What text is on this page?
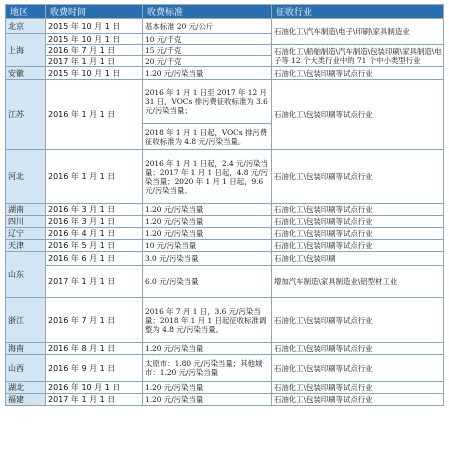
地区	收费时间	收费标准	征收行业
北京	2015 年 10 月 1 日	基本标准 20 元/公斤	石油化工\汽车制造\电子\印刷\家具制造业
上海	2015 年 10 月 1 日	10 元/千克	
	2016 年 7 月 1 日	15 元/千克	石油化工\船舶制造\汽车制造\包装印刷\家具制造\电子等 12 个大类行业中的 71 个中小类型行业
	2017 年 1 月 1 日	20 元/千克	
安徽	2015 年 10 月 1 日	1.20 元/污染当量	石油化工\包装印刷等试点行业
江苏	2016 年 1 月 1 日	2016 年 1 月 1 日至 2017 年 12 月 31 日，VOCs 排污费征收标准为 3.6 元/污染当量；	石油化工\包装印刷等试点行业
		2018 年 1 月 1 日起，VOCs 排污费征收标准为 4.8 元/污染当量。	
河北	2016 年 1 月 1 日	2016 年 1 月 1 日起，2.4 元/污染当量；2017 年 1 月 1 日起，4.8 元/污染当量；2020 年 1 月 1 日起，9.6 元/污染当量。	石油化工\包装印刷等试点行业
湖南	2016 年 3 月 1 日	1.20 元/污染当量	石油化工\包装印刷等试点行业
四川	2016 年 3 月 1 日	1.20 元/污染当量	石油化工\包装印刷等试点行业
辽宁	2016 年 4 月 1 日	1.20 元/污染当量	石油化工\包装印刷等试点行业
天津	2016 年 5 月 1 日	10 元/污染当量	石油化工\包装印刷等试点行业
山东	2016 年 6 月 1 日	3.0 元/污染当量	石油化工\包装印刷
	2017 年 1 月 1 日	6.0 元/污染当量	增加汽车制造\家具制造业\铝型材工业
浙江	2016 年 7 月 1 日	2016 年 7 月 1 日，3.6 元/污染当量；2018 年 1 月 1 日起征收标准调整为 4.8 元/污染当量。	石油化工\包装印刷等试点行业
海南	2016 年 8 月 1 日	1.20 元/污染当量	石油化工\包装印刷等试点行业
山西	2016 年 9 月 1 日	太原市：1.80 元/污染当量；其他城市：1.20 元/污染当量	石油化工\包装印刷等试点行业
湖北	2016 年 10 月 1 日	1.20 元/污染当量	石油化工\包装印刷等试点行业
福建	2017 年 1 月 1 日	1.20 元/污染当量	石油化工\包装印刷等试点行业
